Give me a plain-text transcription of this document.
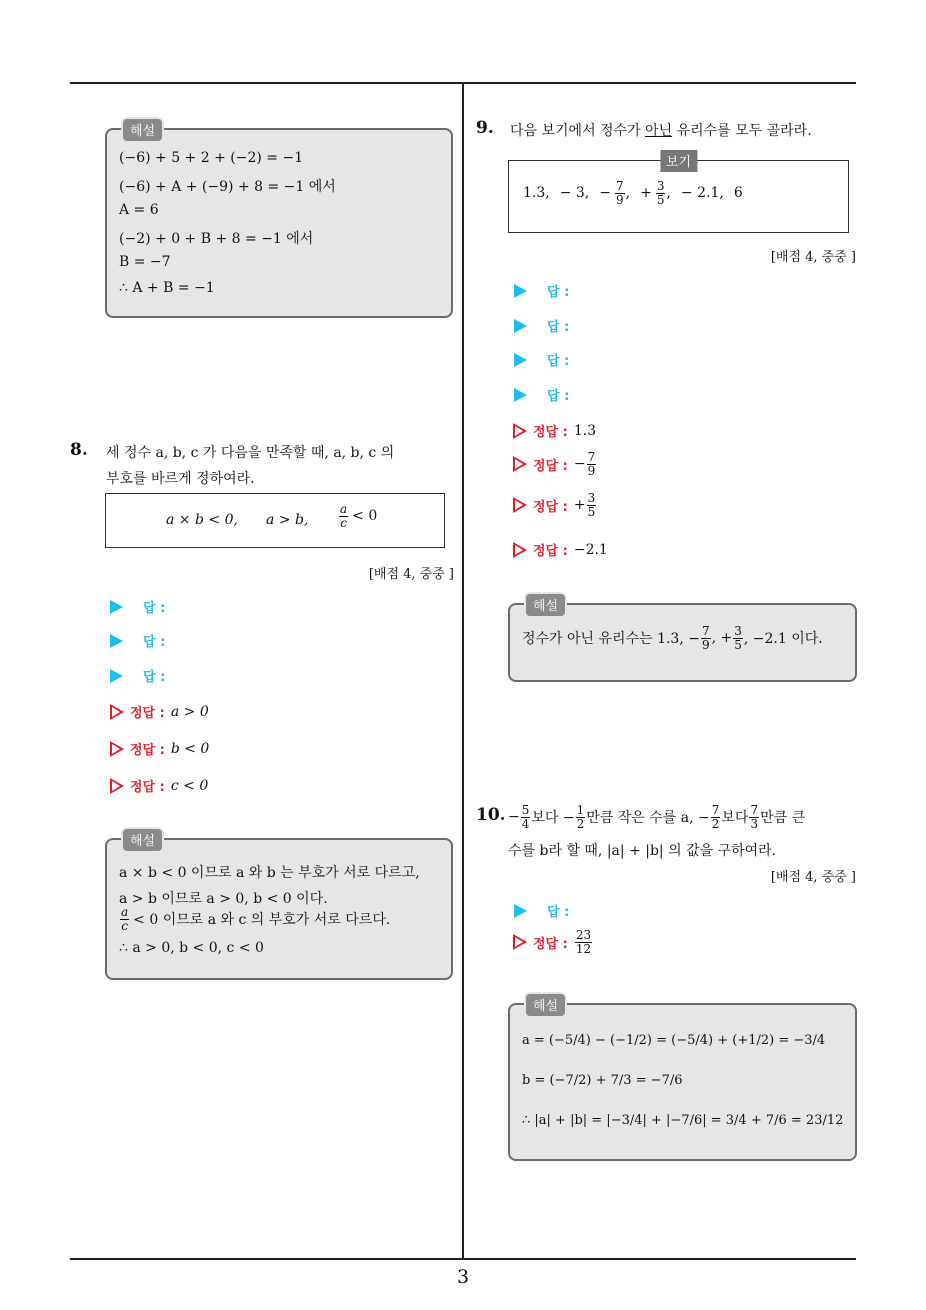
3
해설
(−6) + 5 + 2 + (−2) = −1
(−6) + A + (−9) + 8 = −1 에서
A = 6
(−2) + 0 + B + 8 = −1 에서
B = −7
∴ A + B = −1
8. 세 정수 a, b, c 가 다음을 만족할 때, a, b, c 의
부호를 바르게 정하여라.
a × b < 0, a > b,	$\frac{a}{c} < 0$
[배점 4, 중중 ]
답 :
답 :
답 :
정답 : a > 0
정답 : b < 0
정답 : c < 0
해설
a × b < 0 이므로 a 와 b 는 부호가 서로 다르고,
a > b 이므로 a > 0, b < 0 이다.
$\frac{a}{c} < 0$ 이므로 a 와 c 의 부호가 서로 다르다.
∴ a > 0, b < 0, c < 0
9. 다음 보기에서 정수가 아닌 유리수를 모두 골라라.
보기
1.3, − 3, − $\frac{7}{9}$ , + $\frac{3}{5}$ , − 2.1, 6
[배점 4, 중중 ]
답 :
답 :
답 :
답 :
정답 : 1.3
정답 : − $\frac{7}{9}$
정답 : + $\frac{3}{5}$
정답 : −2.1
해설
정수가 아닌 유리수는 1.3, − $\frac{7}{9}$ , + $\frac{3}{5}$ , −2.1 이다.
10. − $\frac{5}{4}$ 보다 − $\frac{1}{2}$ 만큼 작은 수를 a, − $\frac{7}{2}$ 보다 $\frac{7}{3}$ 만큼 큰
수를 b라 할 때, |a| + |b| 의 값을 구하여라.
[배점 4, 중중 ]
답 :
정답 : $\frac{23}{12}$
해설
a = (−5/4) − (−1/2) = (−5/4) + (+1/2) = −3/4
b = (−7/2) + 7/3 = −7/6
∴ |a| + |b| = |−3/4| + |−7/6| = 3/4 + 7/6 = 23/12
